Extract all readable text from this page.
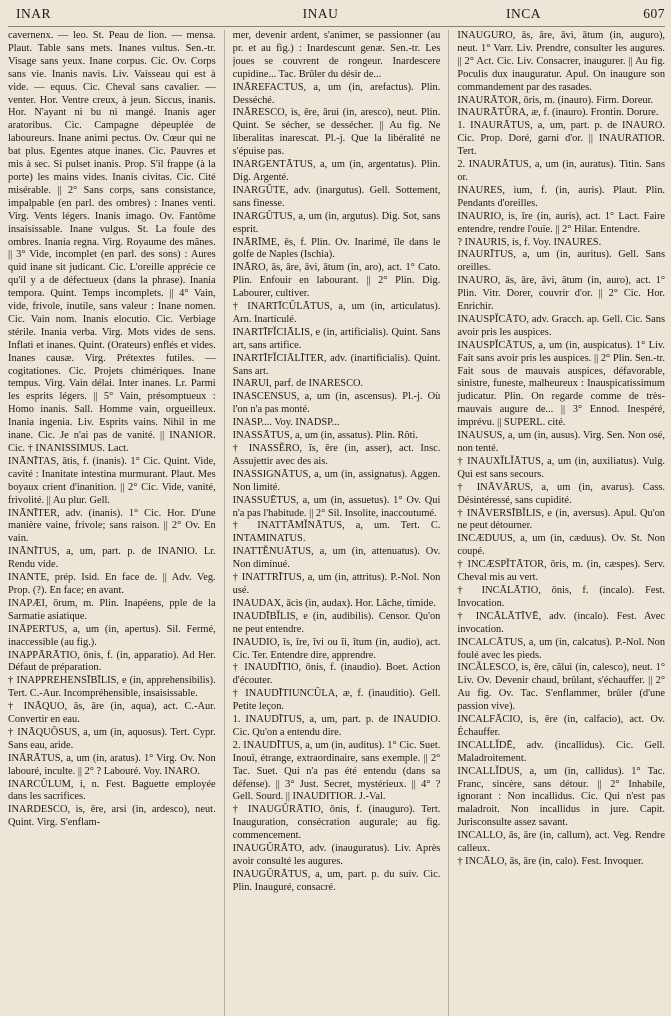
INAR	INAU	INCA	607

cavernenx. — leo. St. Peau de lion. — mensa. Plaut. Table sans mets. Inanes vultus. Sen.-tr. Visage sans yeux. Inane corpus. Cic. Ov. Corps sans vie. Inanis navis. Liv. Vaisseau qui est à vide. — equus. Cic. Cheval sans cavalier. — venter. Hor. Ventre creux, à jeun. Siccus, inanis. Hor. N'ayant ni bu ni mangé. Inanis ager aratoribus. Cic. Campagne dépeuplée de laboureurs. Inane animi pectus. Ov. Cœur qui ne bat plus. Egentes atque inanes. Cic. Pauvres et mis à sec. Si pulset inanis. Prop. S'il frappe (à la porte) les mains vides. Inanis civitas. Cic. Cité misérable. || 2° Sans corps, sans consistance, impalpable (en parl. des ombres) : Inanes venti. Virg. Vents légers. Inanis imago. Ov. Fantôme insaisissable. Inane vulgus. St. La foule des ombres. Inania regna. Virg. Royaume des mânes. || 3° Vide, incomplet (en parl. des sons) : Aures quid inane sit judicant. Cic. L'oreille apprécie ce qu'il y a de défectueux (dans la phrase). Inania tempora. Quint. Temps incomplets. || 4° Vain, vide, frivole, inutile, sans valeur : Inane nomen. Cic. Vain nom. Inanis elocutio. Cic. Verbiage stérile. Inania verba. Virg. Mots vides de sens. Inflati et inanes. Quint. (Orateurs) enflés et vides. Inanes causæ. Virg. Prétextes futiles. — cogitationes. Cic. Projets chimériques. Inane tempus. Virg. Vain délai. Inter inanes. Lr. Parmi les esprits légers. || 5° Vain, présomptueux : Homo inanis. Sall. Homme vain, orgueilleux. Inania ingenia. Liv. Esprits vains. Nihil in me inane. Cic. Je n'ai pas de vanité. || INANIOR. Cic. † INANISSIMUS. Lact.

INĀNĪTAS, ātis, f. (inanis). 1° Cic. Quint. Vide, cavité : Inanitate intestina murmurant. Plaut. Mes boyaux crient d'inanition. || 2° Cic. Vide, vanité, frivolité. || Au plur. Gell.

INĀNĪTER, adv. (inanis). 1° Cic. Hor. D'une manière vaine, frivole; sans raison. || 2° Ov. En vain.

INĀNĪTUS, a, um, part. p. de INANIO. Lr. Rendu vide.

INANTE, prép. Isid. En face de. || Adv. Veg. Prop. (?). En face; en avant.

INAPÆI, ōrum, m. Plin. Inapéens, pple de la Sarmatie asiatique.

INĀPERTUS, a, um (in, apertus). Sil. Fermé, inaccessible (au fig.).

INAPPĀRĀTIO, ōnis, f. (in, apparatio). Ad Her. Défaut de préparation.

† INAPPREHENSĪBĪLIS, e (in, apprehensibilis). Tert. C.-Aur. Incompréhensible, insaisissable.

† INĀQUO, ās, āre (in, aqua), act. C.-Aur. Convertir en eau.

† INĀQUŌSUS, a, um (in, aquosus). Tert. Cypr. Sans eau, aride.

INĀRĀTUS, a, um (in, aratus). 1° Virg. Ov. Non labouré, inculte. || 2° ? Labouré. Voy. INARO.

INARCŬLUM, i, n. Fest. Baguette employée dans les sacrifices.

INARDESCO, is, ēre, arsi (in, ardesco), neut. Quint. Virg. S'enflam-

mer, devenir ardent, s'animer, se passionner (au pr. et au fig.) : Inardescunt genæ. Sen.-tr. Les joues se couvrent de rongeur. Inardescere cupidine... Tac. Brûler du désir de...

INĀREFACTUS, a, um (in, arefactus). Plin. Desséché.

INĀRESCO, is, ēre, ārui (in, aresco), neut. Plin. Quint. Se sécher, se dessécher. || Au fig. Ne liberalitas inarescat. Pl.-j. Que la libéralité ne s'épuise pas.

INARGENTĀTUS, a, um (in, argentatus). Plin. Dig. Argenté.

INARGŪTE, adv. (inargutus). Gell. Sottement, sans finesse.

INARGŪTUS, a, um (in, argutus). Dig. Sot, sans esprit.

INĀRĪME, ēs, f. Plin. Ov. Inarimé, île dans le golfe de Naples (Ischia).

INĀRO, ās, āre, āvi, ātum (in, aro), act. 1° Cato. Plin. Enfouir en labourant. || 2° Plin. Dig. Labourer, cultiver.

† INARTĪCŬLĀTUS, a, um (in, articulatus). Arn. Inarticulé.

INARTĪFĬCIĀLIS, e (in, artificialis). Quint. Sans art, sans artifice.

INARTĪFĬCIĀLĪTER, adv. (inartificialis). Quint. Sans art.

INARUI, parf. de INARESCO.

INASCENSUS, a, um (in, ascensus). Pl.-j. Où l'on n'a pas monté.

INASP.... Voy. INADSP...

INASSĀTUS, a, um (in, assatus). Plin. Rôti.

† INASSĔRO, ĭs, ēre (in, asser), act. Insc. Assujettir avec des ais.

INASSIGNĀTUS, a, um (in, assignatus). Aggen. Non limité.

INASSUĒTUS, a, um (in, assuetus). 1° Ov. Qui n'a pas l'habitude. || 2° Sil. Insolite, inaccoutumé.

† INATTĀMĬNĀTUS, a, um. Tert. C. INTAMINATUS.

INATTĔNUĀTUS, a, um (in, attenuatus). Ov. Non diminué.

† INATTRĪTUS, a, um (in, attritus). P.-Nol. Non usé.

INAUDAX, ācis (in, audax). Hor. Lâche, timide.

INAUDĪBĬLIS, e (in, audibilis). Censor. Qu'on ne peut entendre.

INAUDIO, īs, īre, īvi ou ĭi, ītum (in, audio), act. Cic. Ter. Entendre dire, apprendre.

† INAUDĪTIO, ōnis, f. (inaudio). Boet. Action d'écouter.

† INAUDĪTIUNCŬLA, æ, f. (inauditio). Gell. Petite leçon.

1. INAUDĪTUS, a, um, part. p. de INAUDIO. Cic. Qu'on a entendu dire.

2. INAUDĪTUS, a, um (in, auditus). 1° Cic. Suet. Inouï, étrange, extraordinaire, sans exemple. || 2° Tac. Suet. Qui n'a pas été entendu (dans sa défense). || 3° Just. Secret, mystérieux. || 4° ? Gell. Sourd. || INAUDITIOR. J.-Val.

† INAUGŬRĀTIO, ōnis, f. (inauguro). Tert. Inauguration, consécration augurale; au fig. commencement.

INAUGŬRĀTO, adv. (inauguratus). Liv. Après avoir consulté les augures.

INAUGŬRĀTUS, a, um, part. p. du suiv. Cic. Plin. Inauguré, consacré.

INAUGŬRO, ās, āre, āvi, ātum (in, auguro), neut. 1° Varr. Liv. Prendre, consulter les augures. || 2° Act. Cic. Liv. Consacrer, inaugurer. || Au fig. Poculis dux inauguratur. Apul. On inaugure son commandement par des rasades.

INAURĀTOR, ōris, m. (inauro). Firm. Doreur.

INAURĀTŪRA, æ, f. (inauro). Frontin. Dorure.

1. INAURĀTUS, a, um, part. p. de INAURO. Cic. Prop. Doré, garni d'or. || INAURATIOR. Tert.

2. INAURĀTUS, a, um (in, auratus). Titin. Sans or.

INAURES, ium, f. (in, auris). Plaut. Plin. Pendants d'oreilles.

INAURIO, is, īre (in, auris), act. 1° Lact. Faire entendre, rendre l'ouïe. || 2° Hilar. Entendre.

? INAURIS, is, f. Voy. INAURES.

INAURĪTUS, a, um (in, auritus). Gell. Sans oreilles.

INAURO, ās, āre, āvi, ātum (in, auro), act. 1° Plin. Vitr. Dorer, couvrir d'or. || 2° Cic. Hor. Enrichir.

INAUSPĬCĀTO, adv. Gracch. ap. Gell. Cic. Sans avoir pris les auspices.

INAUSPĬCĀTUS, a, um (in, auspicatus). 1° Liv. Fait sans avoir pris les auspices. || 2° Plin. Sen.-tr. Fait sous de mauvais auspices, défavorable, sinistre, funeste, malheureux : Inauspicatissimum judicatur. Plin. On regarde comme de très-mauvais augure de... || 3° Ennod. Inespéré, imprévu. || SUPERL. cité.

INAUSUS, a, um (in, ausus). Virg. Sen. Non osé, non tenté.

† INAUXĬLĬĀTUS, a, um (in, auxiliatus). Vulg. Qui est sans secours.

† INĀVĀRUS, a, um (in, avarus). Cass. Désintéressé, sans cupidité.

† INĀVERSĪBĬLIS, e (in, aversus). Apul. Qu'on ne peut détourner.

INCÆDUUS, a, um (in, cæduus). Ov. St. Non coupé.

† INCÆSPĬTĀTOR, ōris, m. (in, cæspes). Serv. Cheval mis au vert.

† INCĀLĀTIO, ōnis, f. (incalo). Fest. Invocation.

† INCĀLĀTĪVĒ, adv. (incalo). Fest. Avec invocation.

INCALCĀTUS, a, um (in, calcatus). P.-Nol. Non foulé avec les pieds.

INCĂLESCO, is, ēre, călui (in, calesco), neut. 1° Liv. Ov. Devenir chaud, brûlant, s'échauffer. || 2° Au fig. Ov. Tac. S'enflammer, brûler (d'une passion vive).

INCALFĀCIO, is, ēre (in, calfacio), act. Ov. Échauffer.

INCALLĬDĒ, adv. (incallidus). Cic. Gell. Maladroitement.

INCALLĬDUS, a, um (in, callidus). 1° Tac. Franc, sincère, sans détour. || 2° Inhabile, ignorant : Non incallidus. Cic. Qui n'est pas maladroit. Non incallidus in jure. Capit. Jurisconsulte assez savant.

INCALLO, ās, āre (in, callum), act. Veg. Rendre calleux.

† INCĀLO, ās, āre (in, calo). Fest. Invoquer.
